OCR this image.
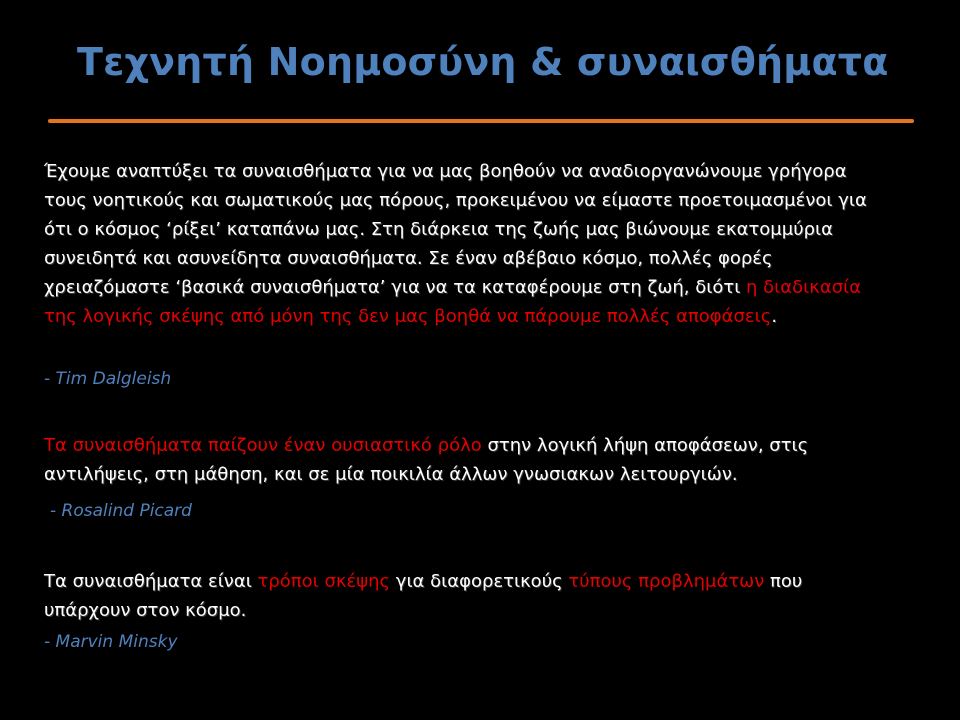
Τεχνητή Νοημοσύνη & συναισθήματα
Έχουμε αναπτύξει τα συναισθήματα για να μας βοηθούν να αναδιοργανώνουμε γρήγορα τους νοητικούς και σωματικούς μας πόρους, προκειμένου να είμαστε προετοιμασμένοι για ότι ο κόσμος ‘ρίξει’ καταπάνω μας. Στη διάρκεια της ζωής μας βιώνουμε εκατομμύρια συνειδητά και ασυνείδητα συναισθήματα. Σε έναν αβέβαιο κόσμο, πολλές φορές χρειαζόμαστε ‘βασικά συναισθήματα’ για να τα καταφέρουμε στη ζωή, διότι η διαδικασία της λογικής σκέψης από μόνη της δεν μας βοηθά να πάρουμε πολλές αποφάσεις.
- Tim Dalgleish
Τα συναισθήματα παίζουν έναν ουσιαστικό ρόλο στην λογική λήψη αποφάσεων, στις αντιλήψεις, στη μάθηση, και σε μία ποικιλία άλλων γνωσιακων λειτουργιών.
- Rosalind Picard
Τα συναισθήματα είναι τρόποι σκέψης για διαφορετικούς τύπους προβλημάτων που υπάρχουν στον κόσμο.
- Marvin Minsky
